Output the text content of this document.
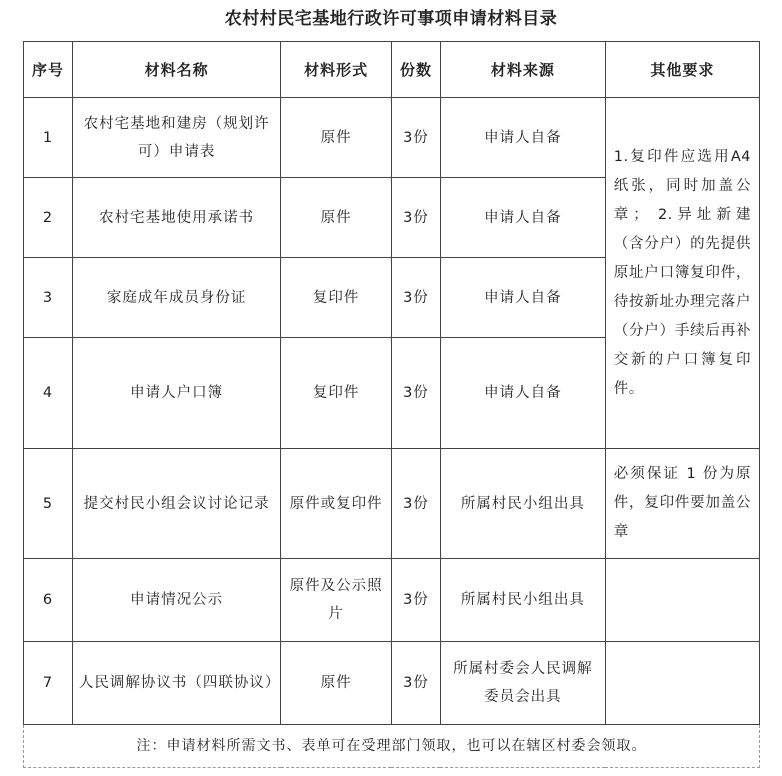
农村村民宅基地行政许可事项申请材料目录
序号	材料名称	材料形式	份数	材料来源	其他要求
1	农村宅基地和建房（规划许可）申请表	原件	3份	申请人自备	1.复印件应选用A4纸张，同时加盖公章； 2.异址新建（含分户）的先提供原址户口簿复印件，待按新址办理完落户（分户）手续后再补交新的户口簿复印件。
2	农村宅基地使用承诺书	原件	3份	申请人自备	
3	家庭成年成员身份证	复印件	3份	申请人自备	
4	申请人户口簿	复印件	3份	申请人自备	
5	提交村民小组会议讨论记录	原件或复印件	3份	所属村民小组出具	必须保证 1 份为原件，复印件要加盖公章
6	申请情况公示	原件及公示照片	3份	所属村民小组出具	
7	人民调解协议书（四联协议）	原件	3份	所属村委会人民调解委员会出具	
注：申请材料所需文书、表单可在受理部门领取，也可以在辖区村委会领取。					
